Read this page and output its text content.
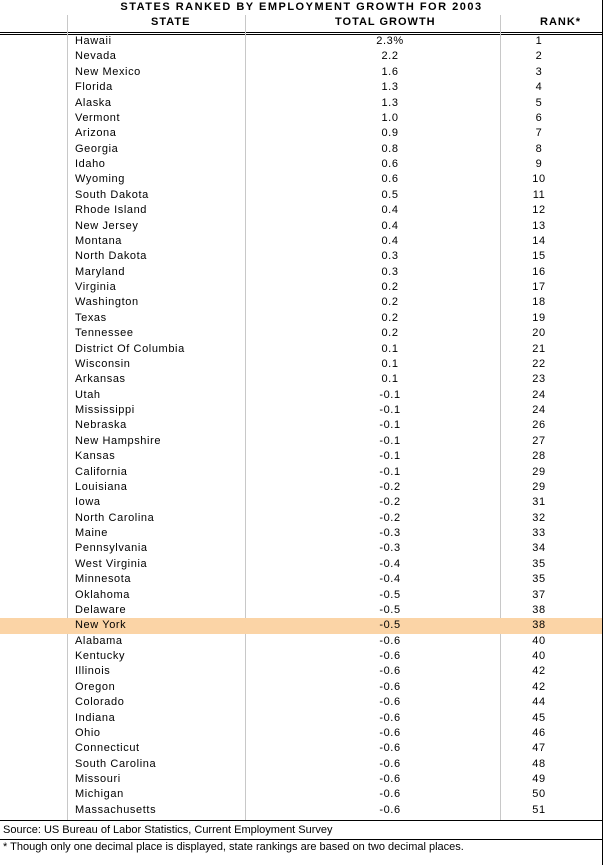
STATES RANKED BY EMPLOYMENT GROWTH FOR 2003
STATE	TOTAL GROWTH	RANK*
Hawaii	2.3%	1
Nevada	2.2	2
New Mexico	1.6	3
Florida	1.3	4
Alaska	1.3	5
Vermont	1.0	6
Arizona	0.9	7
Georgia	0.8	8
Idaho	0.6	9
Wyoming	0.6	10
South Dakota	0.5	11
Rhode Island	0.4	12
New Jersey	0.4	13
Montana	0.4	14
North Dakota	0.3	15
Maryland	0.3	16
Virginia	0.2	17
Washington	0.2	18
Texas	0.2	19
Tennessee	0.2	20
District Of Columbia	0.1	21
Wisconsin	0.1	22
Arkansas	0.1	23
Utah	-0.1	24
Mississippi	-0.1	24
Nebraska	-0.1	26
New Hampshire	-0.1	27
Kansas	-0.1	28
California	-0.1	29
Louisiana	-0.2	29
Iowa	-0.2	31
North Carolina	-0.2	32
Maine	-0.3	33
Pennsylvania	-0.3	34
West Virginia	-0.4	35
Minnesota	-0.4	35
Oklahoma	-0.5	37
Delaware	-0.5	38
New York	-0.5	38
Alabama	-0.6	40
Kentucky	-0.6	40
Illinois	-0.6	42
Oregon	-0.6	42
Colorado	-0.6	44
Indiana	-0.6	45
Ohio	-0.6	46
Connecticut	-0.6	47
South Carolina	-0.6	48
Missouri	-0.6	49
Michigan	-0.6	50
Massachusetts	-0.6	51
Source: US Bureau of Labor Statistics, Current Employment Survey
* Though only one decimal place is displayed, state rankings are based on two decimal places.
